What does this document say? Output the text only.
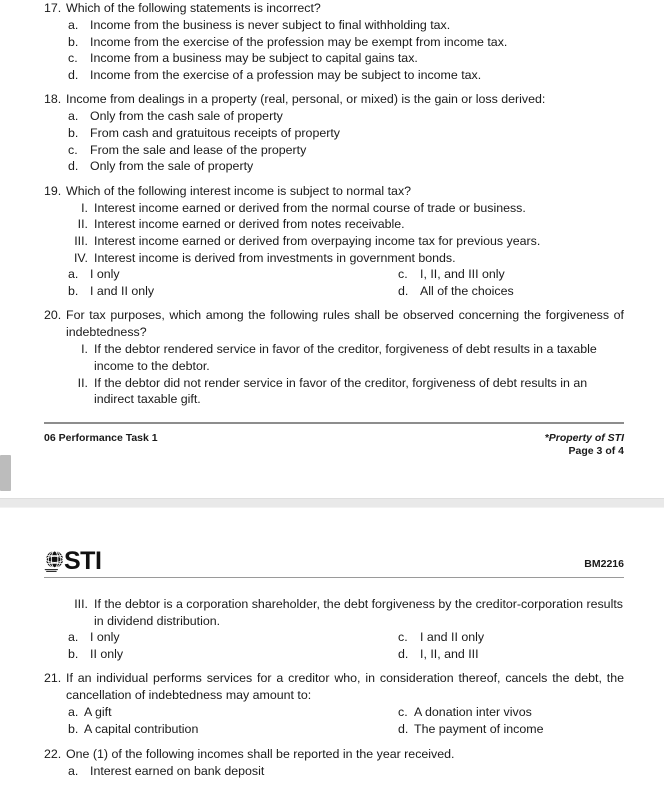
17. Which of the following statements is incorrect?
a. Income from the business is never subject to final withholding tax.
b. Income from the exercise of the profession may be exempt from income tax.
c. Income from a business may be subject to capital gains tax.
d. Income from the exercise of a profession may be subject to income tax.
18. Income from dealings in a property (real, personal, or mixed) is the gain or loss derived:
a. Only from the cash sale of property
b. From cash and gratuitous receipts of property
c. From the sale and lease of the property
d. Only from the sale of property
19. Which of the following interest income is subject to normal tax?
I. Interest income earned or derived from the normal course of trade or business.
II. Interest income earned or derived from notes receivable.
III. Interest income earned or derived from overpaying income tax for previous years.
IV. Interest income is derived from investments in government bonds.
a. I only	c. I, II, and III only
b. I and II only	d. All of the choices
20. For tax purposes, which among the following rules shall be observed concerning the forgiveness of indebtedness?
I. If the debtor rendered service in favor of the creditor, forgiveness of debt results in a taxable income to the debtor.
II. If the debtor did not render service in favor of the creditor, forgiveness of debt results in an indirect taxable gift.
06 Performance Task 1	*Property of STI
Page 3 of 4
STI	BM2216
III. If the debtor is a corporation shareholder, the debt forgiveness by the creditor-corporation results in dividend distribution.
a. I only	c. I and II only
b. II only	d. I, II, and III
21. If an individual performs services for a creditor who, in consideration thereof, cancels the debt, the cancellation of indebtedness may amount to:
a. A gift	c. A donation inter vivos
b. A capital contribution	d. The payment of income
22. One (1) of the following incomes shall be reported in the year received.
a. Interest earned on bank deposit
